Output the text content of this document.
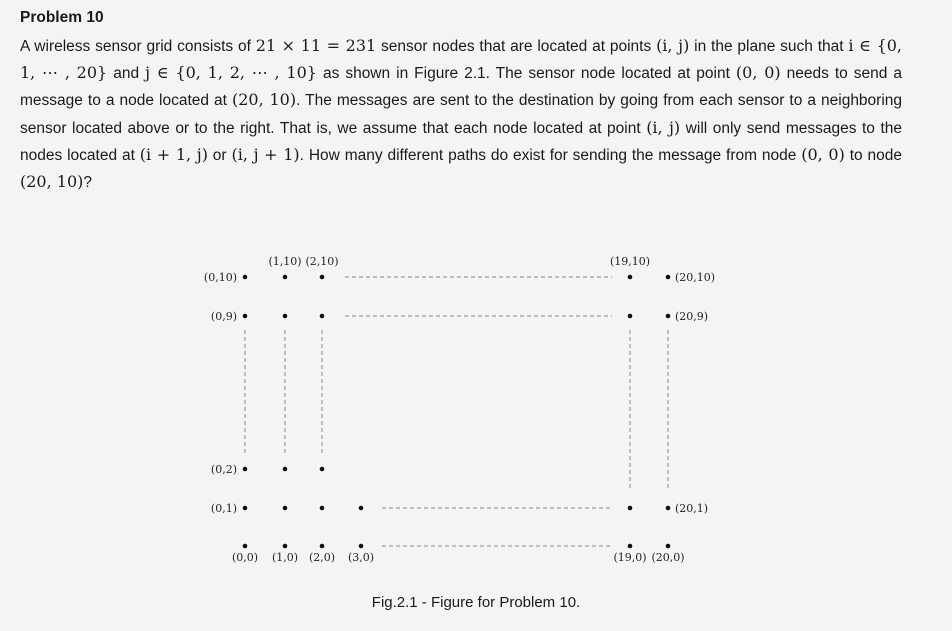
Problem 10
A wireless sensor grid consists of 21 × 11 = 231 sensor nodes that are located at points (i, j) in the plane such that i ∈ {0, 1, ⋯ , 20} and j ∈ {0, 1, 2, ⋯ , 10} as shown in Figure 2.1. The sensor node located at point (0, 0) needs to send a message to a node located at (20, 10). The messages are sent to the destination by going from each sensor to a neighboring sensor located above or to the right. That is, we assume that each node located at point (i, j) will only send messages to the nodes located at (i + 1, j) or (i, j + 1). How many different paths do exist for sending the message from node (0, 0) to node (20, 10)?
(0,10)
(0,9)
(0,2)
(0,1)
(1,10) (2,10)	(19,10)
(20,10)
(20,9)
(20,1)
(0,0) (1,0) (2,0) (3,0)	(19,0) (20,0)
Fig.2.1 - Figure for Problem 10.
